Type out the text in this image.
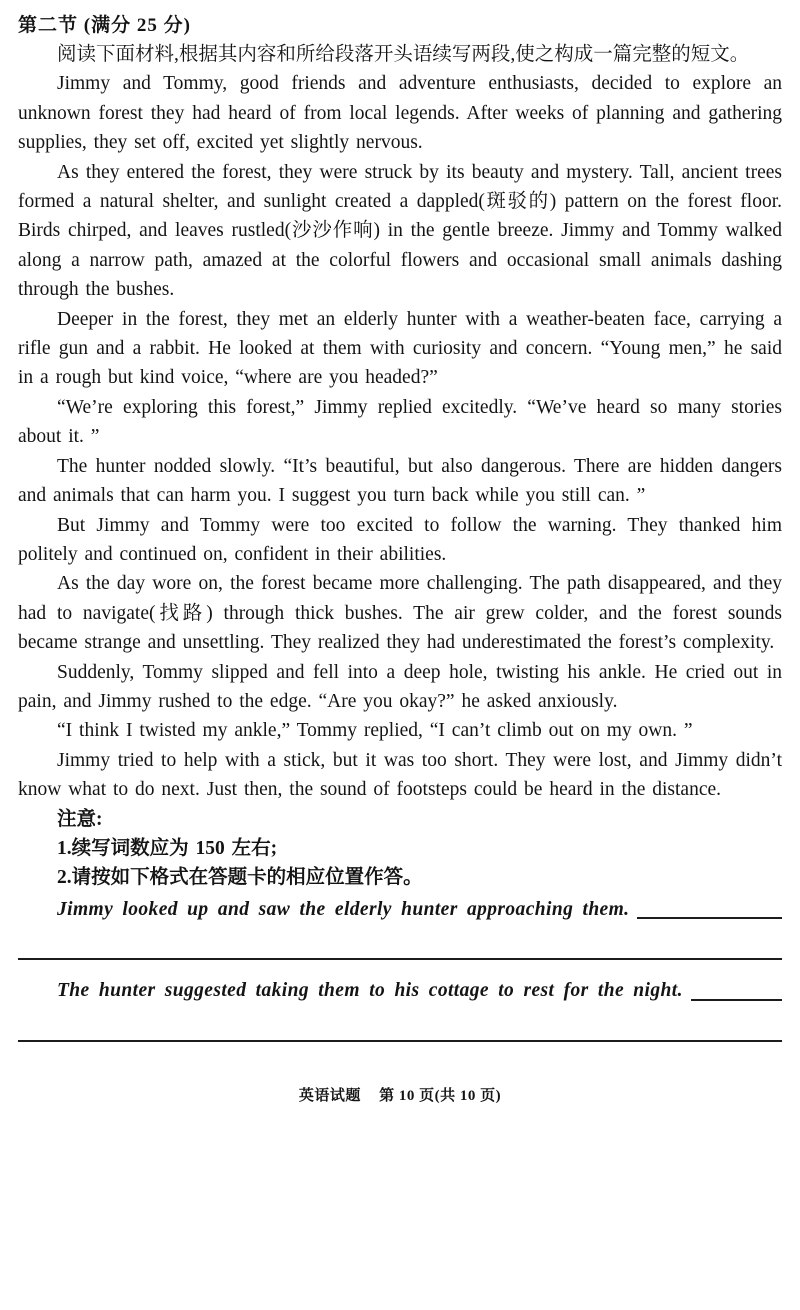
第二节 (满分 25 分)

阅读下面材料,根据其内容和所给段落开头语续写两段,使之构成一篇完整的短文。

Jimmy and Tommy, good friends and adventure enthusiasts, decided to explore an unknown forest they had heard of from local legends. After weeks of planning and gathering supplies, they set off, excited yet slightly nervous.

As they entered the forest, they were struck by its beauty and mystery. Tall, ancient trees formed a natural shelter, and sunlight created a dappled(斑驳的) pattern on the forest floor. Birds chirped, and leaves rustled(沙沙作响) in the gentle breeze. Jimmy and Tommy walked along a narrow path, amazed at the colorful flowers and occasional small animals dashing through the bushes.

Deeper in the forest, they met an elderly hunter with a weather-beaten face, carrying a rifle gun and a rabbit. He looked at them with curiosity and concern. “Young men,” he said in a rough but kind voice, “where are you headed?”

“We’re exploring this forest,” Jimmy replied excitedly. “We’ve heard so many stories about it. ”

The hunter nodded slowly. “It’s beautiful, but also dangerous. There are hidden dangers and animals that can harm you. I suggest you turn back while you still can. ”

But Jimmy and Tommy were too excited to follow the warning. They thanked him politely and continued on, confident in their abilities.

As the day wore on, the forest became more challenging. The path disappeared, and they had to navigate(找路) through thick bushes. The air grew colder, and the forest sounds became strange and unsettling. They realized they had underestimated the forest’s complexity.

Suddenly, Tommy slipped and fell into a deep hole, twisting his ankle. He cried out in pain, and Jimmy rushed to the edge. “Are you okay?” he asked anxiously.

“I think I twisted my ankle,” Tommy replied, “I can’t climb out on my own. ”

Jimmy tried to help with a stick, but it was too short. They were lost, and Jimmy didn’t know what to do next. Just then, the sound of footsteps could be heard in the distance.

注意:

1.续写词数应为 150 左右;

2.请按如下格式在答题卡的相应位置作答。

Jimmy looked up and saw the elderly hunter approaching them.
The hunter suggested taking them to his cottage to rest for the night.
英语试题 第 10 页(共 10 页)
